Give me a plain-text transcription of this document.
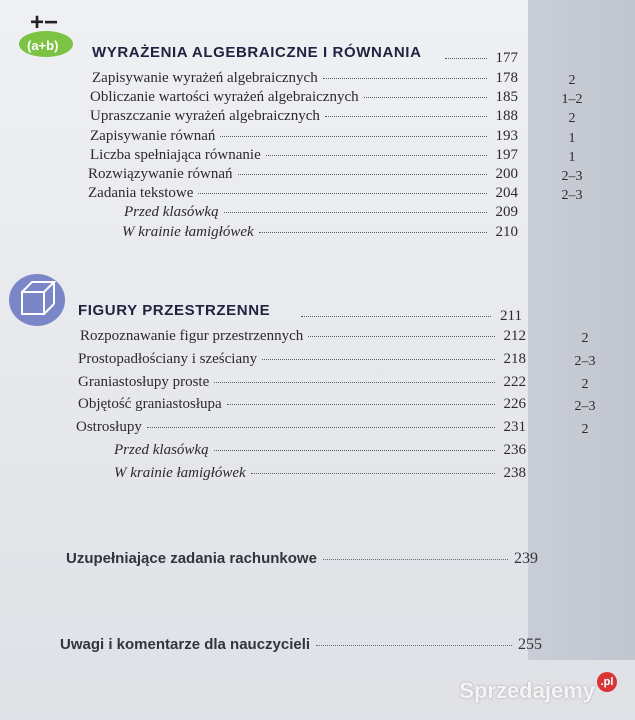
+−
(a+b) WYRAŻENIA ALGEBRAICZNE I RÓWNANIA	177
Zapisywanie wyrażeń algebraicznych	178	2
Obliczanie wartości wyrażeń algebraicznych	185	1–2
Upraszczanie wyrażeń algebraicznych	188	2
Zapisywanie równań	193	1
Liczba spełniająca równanie	197	1
Rozwiązywanie równań	200	2–3
Zadania tekstowe	204	2–3
Przed klasówką	209
W krainie łamigłówek	210
FIGURY PRZESTRZENNE	211
Rozpoznawanie figur przestrzennych	212	2
Prostopadłościany i sześciany	218	2–3
Graniastosłupy proste	222	2
Objętość graniastosłupa	226	2–3
Ostrosłupy	231	2
Przed klasówką	236
W krainie łamigłówek	238
Uzupełniające zadania rachunkowe	239
Uwagi i komentarze dla nauczycieli	255
Sprzedajemy .pl
